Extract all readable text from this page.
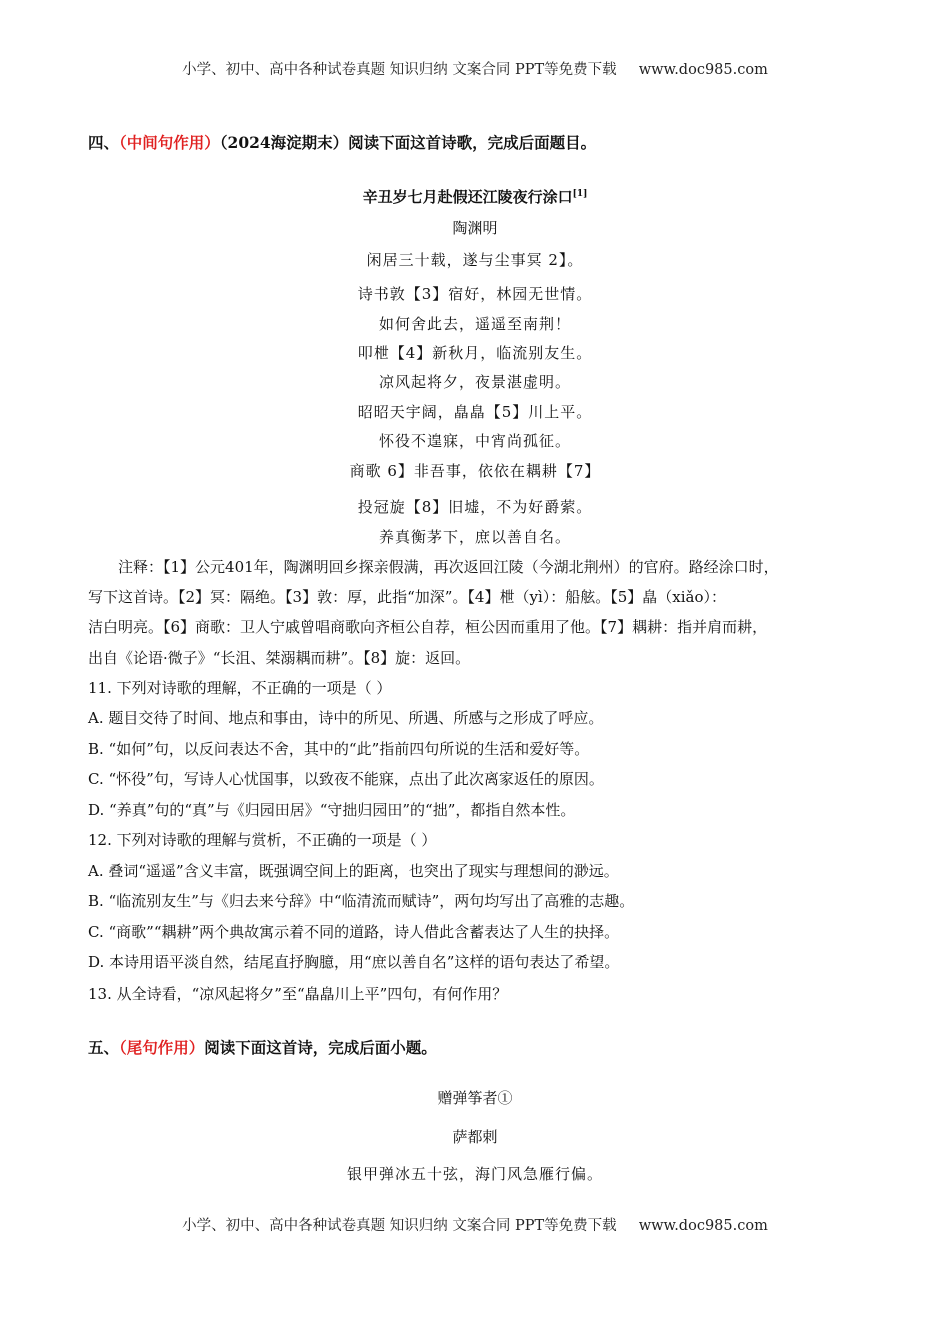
小学、初中、高中各种试卷真题 知识归纳 文案合同 PPT等免费下载 www.doc985.com
四、（中间句作用）（2024海淀期末）阅读下面这首诗歌，完成后面题目。
辛丑岁七月赴假还江陵夜行涂口[1]
陶渊明
闲居三十载，遂与尘事冥 2】。
诗书敦【3】宿好，林园无世情。
如何舍此去，遥遥至南荆！
叩枻【4】新秋月，临流别友生。
凉风起将夕，夜景湛虚明。
昭昭天宇阔，皛皛【5】川上平。
怀役不遑寐，中宵尚孤征。
商歌 6】非吾事，依依在耦耕【7】
投冠旋【8】旧墟，不为好爵萦。
养真衡茅下，庶以善自名。
注释：【1】公元401年，陶渊明回乡探亲假满，再次返回江陵（今湖北荆州）的官府。路经涂口时，
写下这首诗。【2】冥：隔绝。【3】敦：厚，此指“加深”。【4】枻（yì）：船舷。【5】皛（xiǎo）：
洁白明亮。【6】商歌：卫人宁戚曾唱商歌向齐桓公自荐，桓公因而重用了他。【7】耦耕：指并肩而耕，
出自《论语·微子》“长沮、桀溺耦而耕”。【8】旋：返回。
11. 下列对诗歌的理解，不正确的一项是（ ）
A. 题目交待了时间、地点和事由，诗中的所见、所遇、所感与之形成了呼应。
B. “如何”句，以反问表达不舍，其中的“此”指前四句所说的生活和爱好等。
C. “怀役”句，写诗人心忧国事，以致夜不能寐，点出了此次离家返任的原因。
D. “养真”句的“真”与《归园田居》“守拙归园田”的“拙”，都指自然本性。
12. 下列对诗歌的理解与赏析，不正确的一项是（ ）
A. 叠词“遥遥”含义丰富，既强调空间上的距离，也突出了现实与理想间的渺远。
B. “临流别友生”与《归去来兮辞》中“临清流而赋诗”，两句均写出了高雅的志趣。
C. “商歌”“耦耕”两个典故寓示着不同的道路，诗人借此含蓄表达了人生的抉择。
D. 本诗用语平淡自然，结尾直抒胸臆，用“庶以善自名”这样的语句表达了希望。
13. 从全诗看，“凉风起将夕”至“皛皛川上平”四句，有何作用？
五、（尾句作用）阅读下面这首诗，完成后面小题。
赠弹筝者①
萨都剌
银甲弹冰五十弦，海门风急雁行偏。
小学、初中、高中各种试卷真题 知识归纳 文案合同 PPT等免费下载 www.doc985.com
